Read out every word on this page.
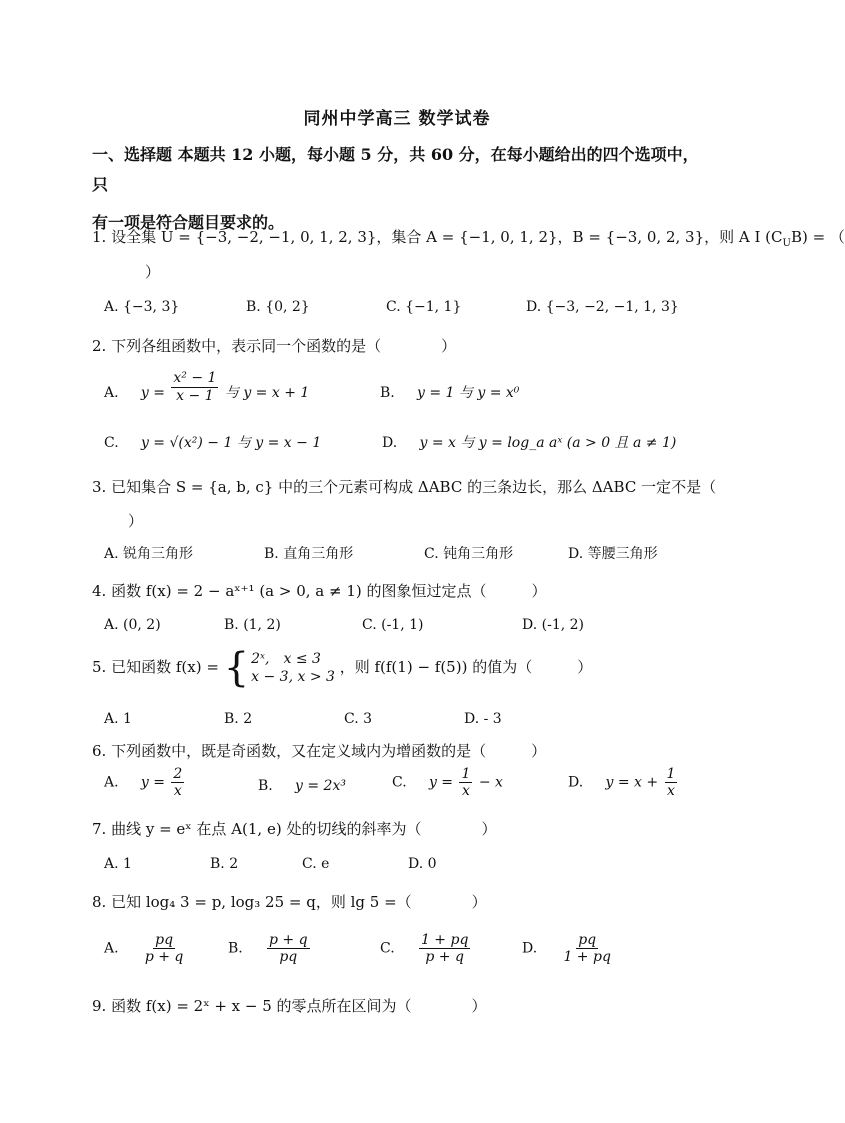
同州中学高三 数学试卷
一、选择题 本题共 12 小题，每小题 5 分，共 60 分，在每小题给出的四个选项中，只
有一项是符合题目要求的。
1. 设全集 U = {−3, −2, −1, 0, 1, 2, 3}，集合 A = {−1, 0, 1, 2}，B = {−3, 0, 2, 3}，则 A I $(C_UB)$ = （
）
A. {−3, 3}	B. {0, 2}	C. {−1, 1}	D. {−3, −2, −1, 1, 3}
2. 下列各组函数中，表示同一个函数的是（　　　　）
A. $y = \frac{\text{x² − 1}}{x - 1}$ 与 y = x + 1	B. y = 1 与 y = x⁰
C. y = √(x²) − 1 与 y = x − 1	D. y = x 与 y = log_a aˣ (a > 0 且 a ≠ 1)
3. 已知集合 S = {a, b, c} 中的三个元素可构成 ΔABC 的三条边长，那么 ΔABC 一定不是（
）
A. 锐角三角形	B. 直角三角形	C. 钝角三角形	D. 等腰三角形
4. 函数 f(x) = 2 − aˣ⁺¹ (a > 0, a ≠ 1) 的图象恒过定点（　　　）
A. (0, 2)	B. (1, 2)	C. (-1, 1)	D. (-1, 2)
5. 已知函数 f(x) = { 2ˣ,　x ≤ 3
x − 3, x > 3
，则 f(f(1) − f(5)) 的值为（　　　）
A. 1	B. 2	C. 3	D. - 3
6. 下列函数中，既是奇函数，又在定义域内为增函数的是（　　　）
A. $y = \frac{2}{x}$	B. y = 2x³	C. $y = \frac{1}{x} - x$	D. $y = x + \frac{1}{x}$
7. 曲线 y = eˣ 在点 A(1, e) 处的切线的斜率为（　　　　）
A. 1	B. 2	C. e	D. 0
8. 已知 log₄ 3 = p, log₃ 25 = q，则 lg 5 =（　　　　）
A. $\frac{pq}{p + q}$	B. $\frac{p + q}{pq}$	C. $\frac{1 + pq}{p + q}$	D. $\frac{pq}{1 + pq}$
9. 函数 f(x) = 2ˣ + x − 5 的零点所在区间为（　　　　）
